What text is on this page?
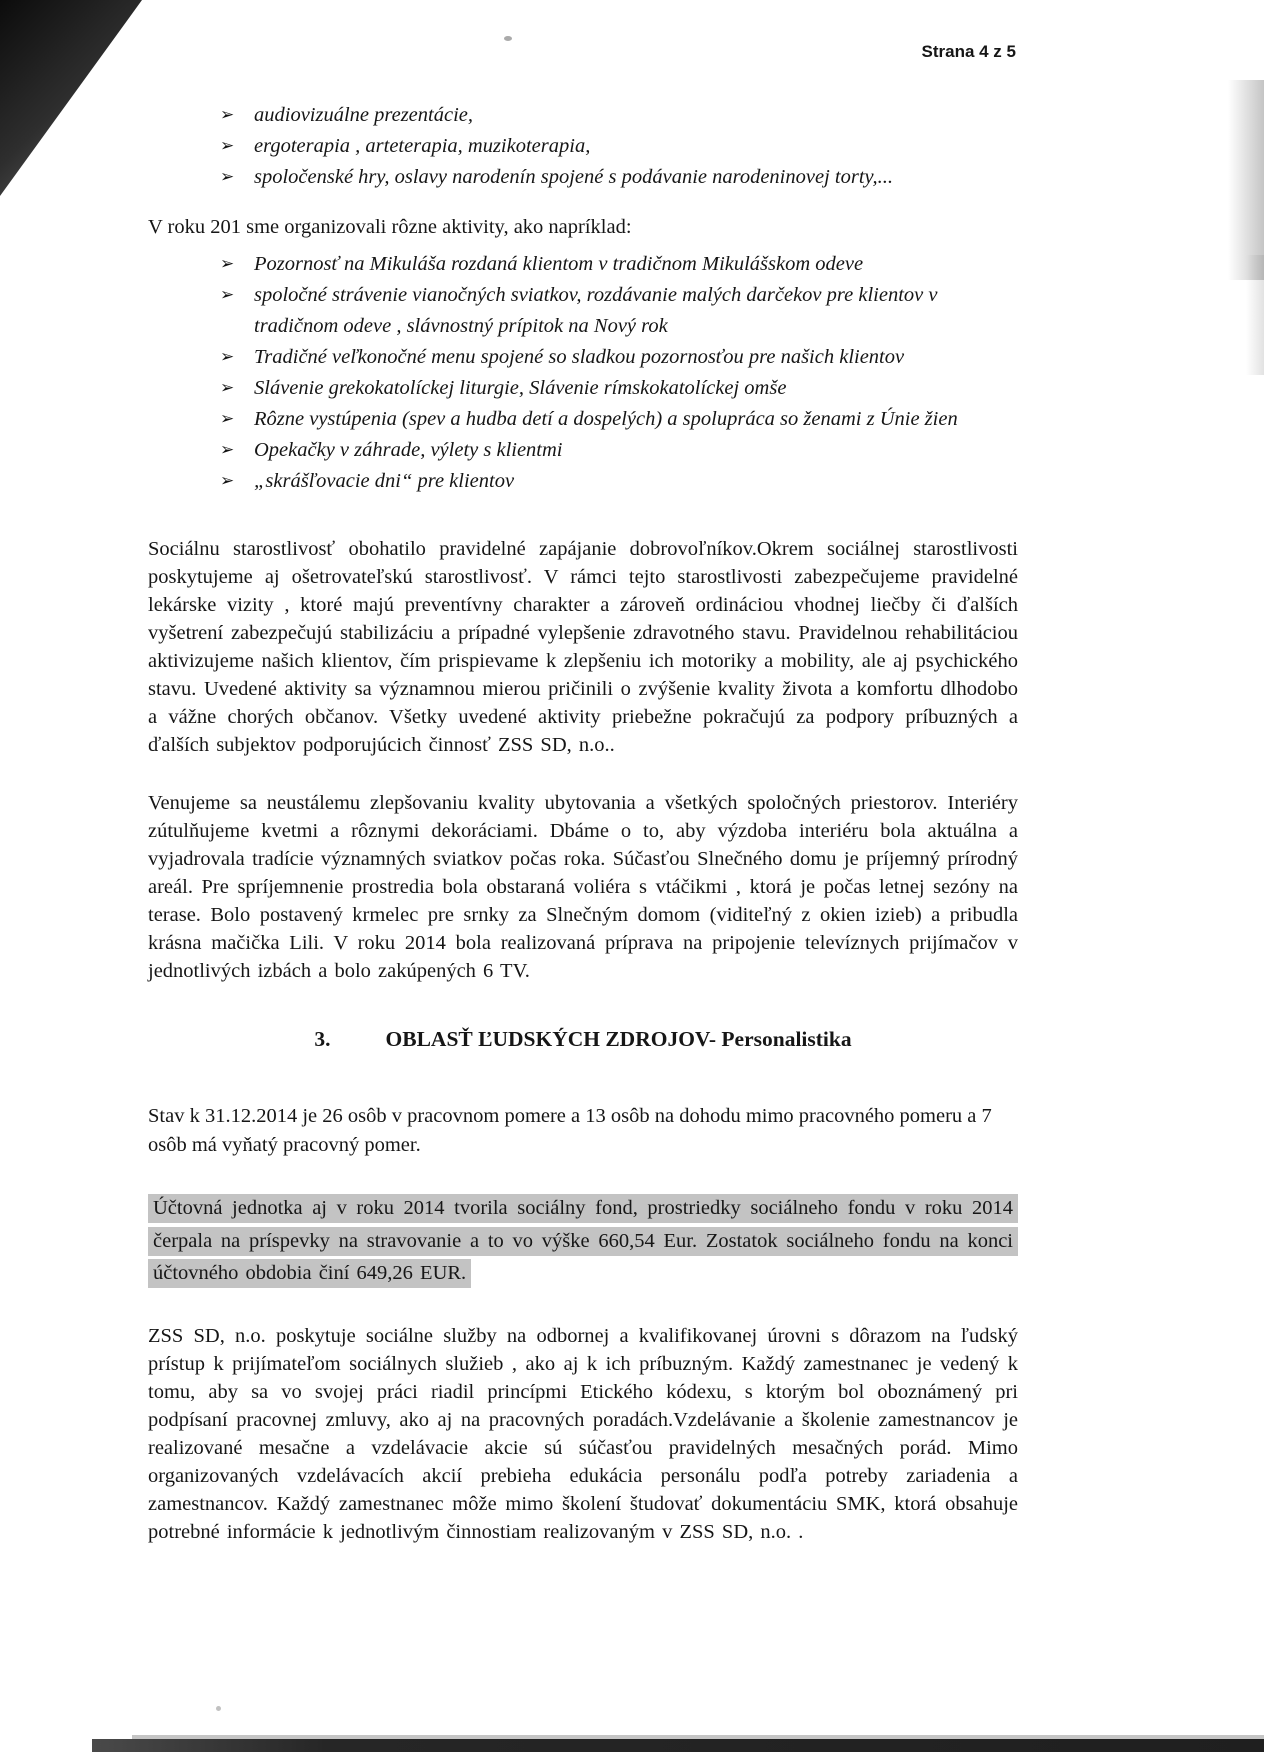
Strana 4 z 5
➢ audiovizuálne prezentácie,
➢ ergoterapia , arteterapia, muzikoterapia,
➢ spoločenské hry, oslavy narodenín spojené s podávanie narodeninovej torty,...

V roku 201 sme organizovali rôzne aktivity, ako napríklad:

➢ Pozornosť na Mikuláša rozdaná klientom v tradičnom Mikulášskom odeve
➢ spoločné strávenie vianočných sviatkov, rozdávanie malých darčekov pre klientov v tradičnom odeve , slávnostný prípitok na Nový rok
➢ Tradičné veľkonočné menu spojené so sladkou pozornosťou pre našich klientov
➢ Slávenie grekokatolíckej liturgie, Slávenie rímskokatolíckej omše
➢ Rôzne vystúpenia (spev a hudba detí a dospelých) a spolupráca so ženami z Únie žien
➢ Opekačky v záhrade, výlety s klientmi
➢ „skrášľovacie dni“ pre klientov

Sociálnu starostlivosť obohatilo pravidelné zapájanie dobrovoľníkov.Okrem sociálnej starostlivosti poskytujeme aj ošetrovateľskú starostlivosť. V rámci tejto starostlivosti zabezpečujeme pravidelné lekárske vizity , ktoré majú preventívny charakter a zároveň ordináciou vhodnej liečby či ďalších vyšetrení zabezpečujú stabilizáciu a prípadné vylepšenie zdravotného stavu. Pravidelnou rehabilitáciou aktivizujeme našich klientov, čím prispievame k zlepšeniu ich motoriky a mobility, ale aj psychického stavu. Uvedené aktivity sa významnou mierou pričinili o zvýšenie kvality života a komfortu dlhodobo a vážne chorých občanov. Všetky uvedené aktivity priebežne pokračujú za podpory príbuzných a ďalších subjektov podporujúcich činnosť ZSS SD, n.o..

Venujeme sa neustálemu zlepšovaniu kvality ubytovania a všetkých spoločných priestorov. Interiéry zútulňujeme kvetmi a rôznymi dekoráciami. Dbáme o to, aby výzdoba interiéru bola aktuálna a vyjadrovala tradície významných sviatkov počas roka. Súčasťou Slnečného domu je príjemný prírodný areál. Pre spríjemnenie prostredia bola obstaraná voliéra s vtáčikmi , ktorá je počas letnej sezóny na terase. Bolo postavený krmelec pre srnky za Slnečným domom (viditeľný z okien izieb) a pribudla krásna mačička Lili. V roku 2014 bola realizovaná príprava na pripojenie televíznych prijímačov v jednotlivých izbách a bolo zakúpených 6 TV.

3.	OBLASŤ ĽUDSKÝCH ZDROJOV- Personalistika

Stav k 31.12.2014 je 26 osôb v pracovnom pomere a 13 osôb na dohodu mimo pracovného pomeru a 7 osôb má vyňatý pracovný pomer.

Účtovná jednotka aj v roku 2014 tvorila sociálny fond, prostriedky sociálneho fondu v roku 2014 čerpala na príspevky na stravovanie a to vo výške 660,54 Eur. Zostatok sociálneho fondu na konci účtovného obdobia činí 649,26 EUR.

ZSS SD, n.o. poskytuje sociálne služby na odbornej a kvalifikovanej úrovni s dôrazom na ľudský prístup k prijímateľom sociálnych služieb , ako aj k ich príbuzným. Každý zamestnanec je vedený k tomu, aby sa vo svojej práci riadil princípmi Etického kódexu, s ktorým bol oboznámený pri podpísaní pracovnej zmluvy, ako aj na pracovných poradách.Vzdelávanie a školenie zamestnancov je realizované mesačne a vzdelávacie akcie sú súčasťou pravidelných mesačných porád. Mimo organizovaných vzdelávacích akcií prebieha edukácia personálu podľa potreby zariadenia a zamestnancov. Každý zamestnanec môže mimo školení študovať dokumentáciu SMK, ktorá obsahuje potrebné informácie k jednotlivým činnostiam realizovaným v ZSS SD, n.o. .
